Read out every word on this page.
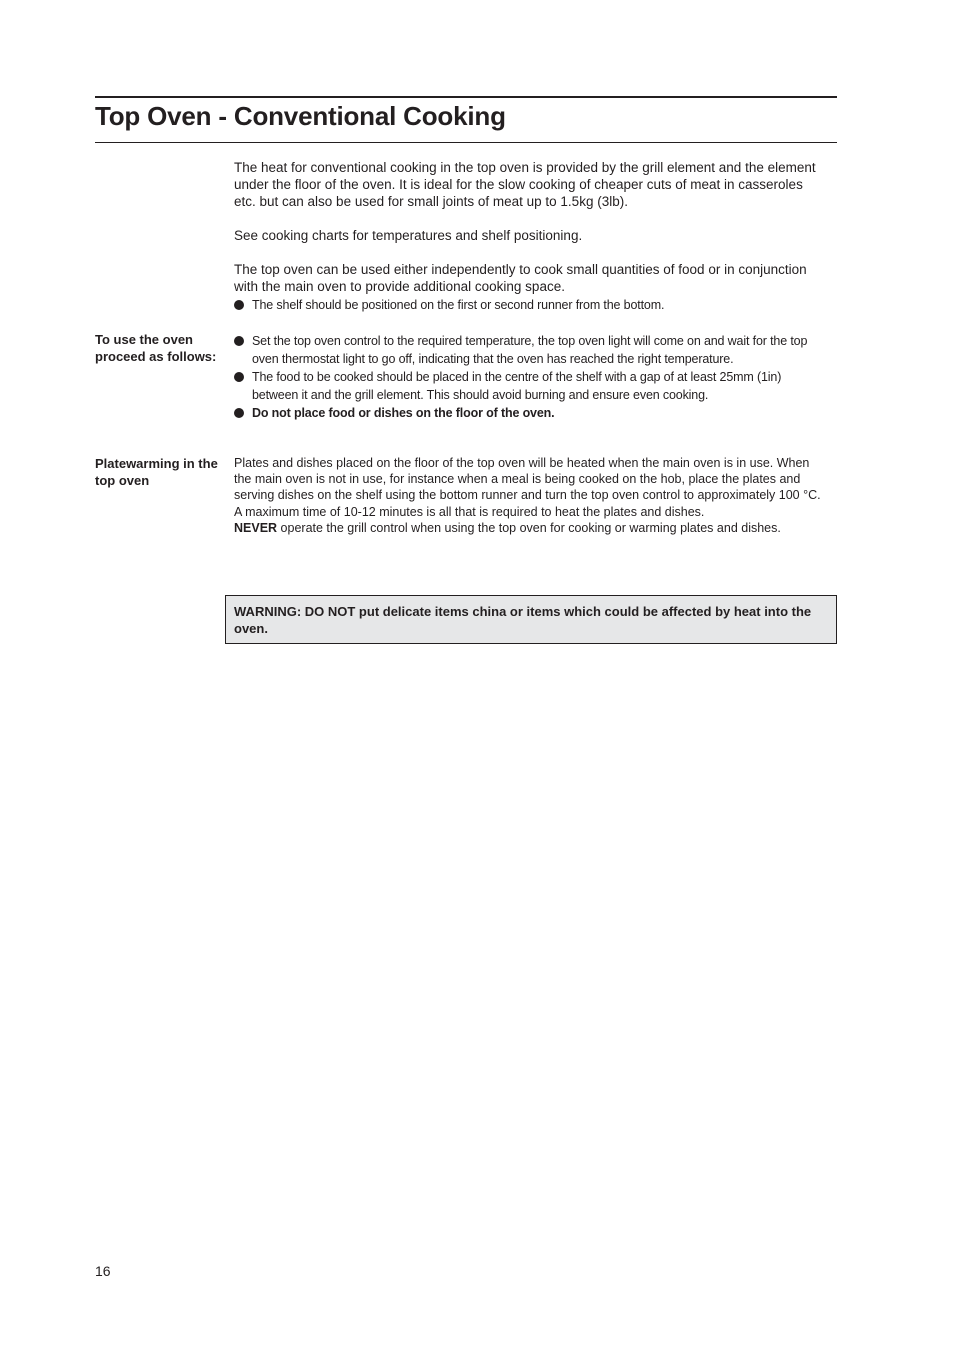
Top Oven - Conventional Cooking

The heat for conventional cooking in the top oven is provided by the grill element and the element under the floor of the oven. It is ideal for the slow cooking of cheaper cuts of meat in casseroles etc. but can also be used for small joints of meat up to 1.5kg (3lb).

See cooking charts for temperatures and shelf positioning.

The top oven can be used either independently to cook small quantities of food or in conjunction with the main oven to provide additional cooking space.

The shelf should be positioned on the first or second runner from the bottom.
To use the oven proceed as follows:
Set the top oven control to the required temperature, the top oven light will come on and wait for the top oven thermostat light to go off, indicating that the oven has reached the right temperature.
The food to be cooked should be placed in the centre of the shelf with a gap of at least 25mm (1in) between it and the grill element. This should avoid burning and ensure even cooking.
Do not place food or dishes on the floor of the oven.
Platewarming in the top oven

Plates and dishes placed on the floor of the top oven will be heated when the main oven is in use. When the main oven is not in use, for instance when a meal is being cooked on the hob, place the plates and serving dishes on the shelf using the bottom runner and turn the top oven control to approximately 100 °C. A maximum time of 10-12 minutes is all that is required to heat the plates and dishes.

NEVER operate the grill control when using the top oven for cooking or warming plates and dishes.

WARNING: DO NOT put delicate items china or items which could be affected by heat into the oven.
16
